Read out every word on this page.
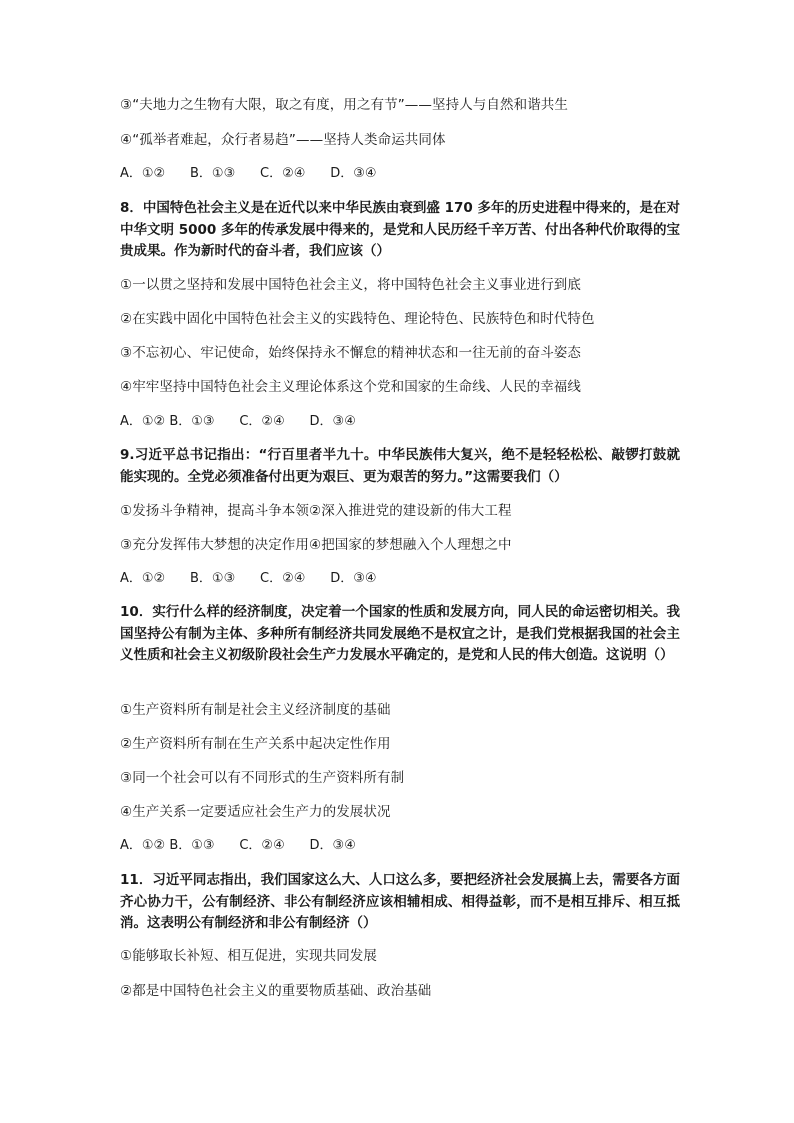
③“夫地力之生物有大限，取之有度，用之有节”——坚持人与自然和谐共生
④“孤举者难起，众行者易趋”——坚持人类命运共同体
A．①②      B．①③      C．②④      D．③④
8．中国特色社会主义是在近代以来中华民族由衰到盛 170 多年的历史进程中得来的，是在对中华文明 5000 多年的传承发展中得来的，是党和人民历经千辛万苦、付出各种代价取得的宝贵成果。作为新时代的奋斗者，我们应该（）
①一以贯之坚持和发展中国特色社会主义，将中国特色社会主义事业进行到底
②在实践中固化中国特色社会主义的实践特色、理论特色、民族特色和时代特色
③不忘初心、牢记使命，始终保持永不懈怠的精神状态和一往无前的奋斗姿态
④牢牢坚持中国特色社会主义理论体系这个党和国家的生命线、人民的幸福线
A．①② B．①③      C．②④      D．③④
9.习近平总书记指出：“行百里者半九十。中华民族伟大复兴，绝不是轻轻松松、敲锣打鼓就能实现的。全党必须准备付出更为艰巨、更为艰苦的努力。”这需要我们（）
①发扬斗争精神，提高斗争本领②深入推进党的建设新的伟大工程
③充分发挥伟大梦想的决定作用④把国家的梦想融入个人理想之中
A．①②      B．①③      C．②④      D．③④
10．实行什么样的经济制度，决定着一个国家的性质和发展方向，同人民的命运密切相关。我国坚持公有制为主体、多种所有制经济共同发展绝不是权宜之计，是我们党根据我国的社会主义性质和社会主义初级阶段社会生产力发展水平确定的，是党和人民的伟大创造。这说明（）
①生产资料所有制是社会主义经济制度的基础
②生产资料所有制在生产关系中起决定性作用
③同一个社会可以有不同形式的生产资料所有制
④生产关系一定要适应社会生产力的发展状况
A．①② B．①③      C．②④      D．③④
11．习近平同志指出，我们国家这么大、人口这么多，要把经济社会发展搞上去，需要各方面齐心协力干，公有制经济、非公有制经济应该相辅相成、相得益彰，而不是相互排斥、相互抵消。这表明公有制经济和非公有制经济（）
①能够取长补短、相互促进，实现共同发展
②都是中国特色社会主义的重要物质基础、政治基础
